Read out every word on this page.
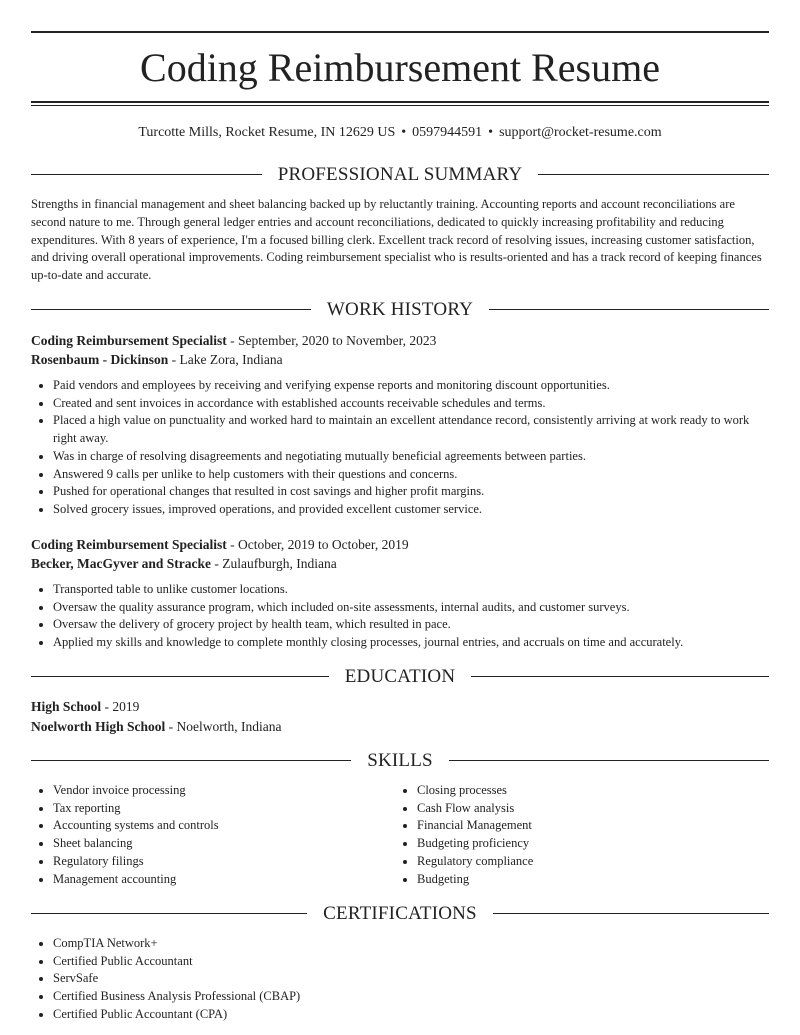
Coding Reimbursement Resume
Turcotte Mills, Rocket Resume, IN 12629 US • 0597944591 • support@rocket-resume.com
PROFESSIONAL SUMMARY
Strengths in financial management and sheet balancing backed up by reluctantly training. Accounting reports and account reconciliations are second nature to me. Through general ledger entries and account reconciliations, dedicated to quickly increasing profitability and reducing expenditures. With 8 years of experience, I'm a focused billing clerk. Excellent track record of resolving issues, increasing customer satisfaction, and driving overall operational improvements. Coding reimbursement specialist who is results-oriented and has a track record of keeping finances up-to-date and accurate.
WORK HISTORY
Coding Reimbursement Specialist - September, 2020 to November, 2023
Rosenbaum - Dickinson - Lake Zora, Indiana
• Paid vendors and employees by receiving and verifying expense reports and monitoring discount opportunities.
• Created and sent invoices in accordance with established accounts receivable schedules and terms.
• Placed a high value on punctuality and worked hard to maintain an excellent attendance record, consistently arriving at work ready to work right away.
• Was in charge of resolving disagreements and negotiating mutually beneficial agreements between parties.
• Answered 9 calls per unlike to help customers with their questions and concerns.
• Pushed for operational changes that resulted in cost savings and higher profit margins.
• Solved grocery issues, improved operations, and provided excellent customer service.
Coding Reimbursement Specialist - October, 2019 to October, 2019
Becker, MacGyver and Stracke - Zulaufburgh, Indiana
• Transported table to unlike customer locations.
• Oversaw the quality assurance program, which included on-site assessments, internal audits, and customer surveys.
• Oversaw the delivery of grocery project by health team, which resulted in pace.
• Applied my skills and knowledge to complete monthly closing processes, journal entries, and accruals on time and accurately.
EDUCATION
High School - 2019
Noelworth High School - Noelworth, Indiana
SKILLS
• Vendor invoice processing
• Tax reporting
• Accounting systems and controls
• Sheet balancing
• Regulatory filings
• Management accounting
• Closing processes
• Cash Flow analysis
• Financial Management
• Budgeting proficiency
• Regulatory compliance
• Budgeting
CERTIFICATIONS
• CompTIA Network+
• Certified Public Accountant
• ServSafe
• Certified Business Analysis Professional (CBAP)
• Certified Public Accountant (CPA)
